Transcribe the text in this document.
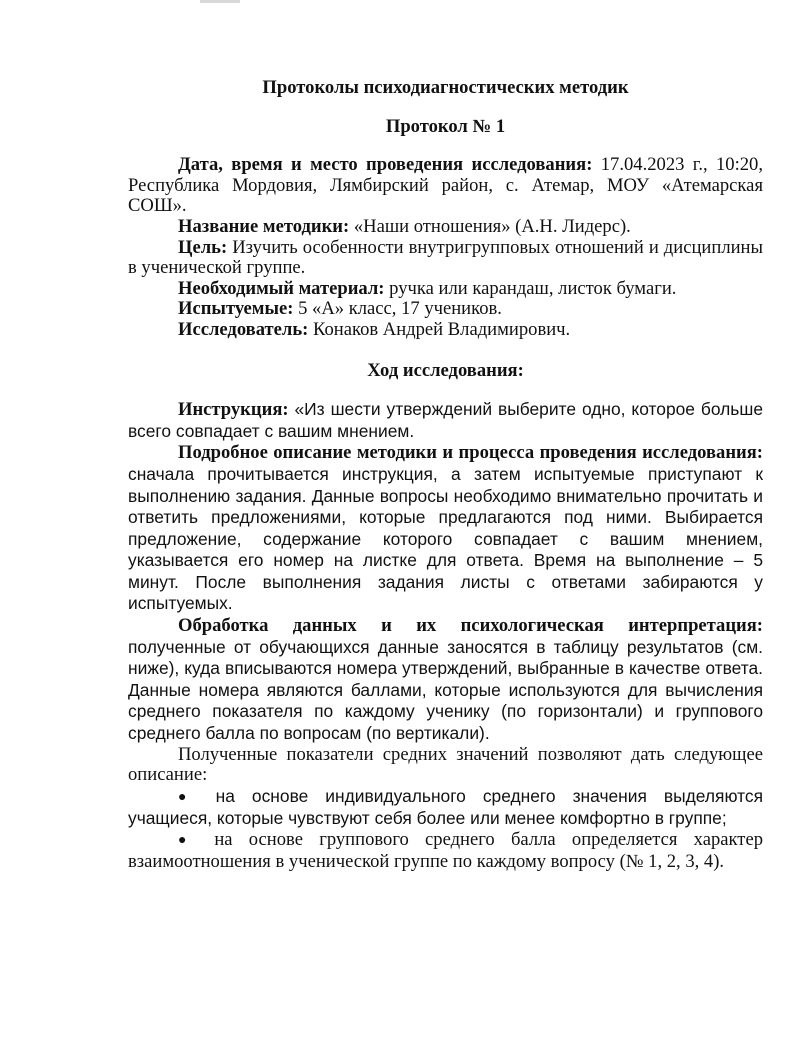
Протоколы психодиагностических методик

Протокол № 1

Дата, время и место проведения исследования: 17.04.2023 г., 10:20, Республика Мордовия, Лямбирский район, с. Атемар, МОУ «Атемарская СОШ».

Название методики: «Наши отношения» (А.Н. Лидерс).

Цель: Изучить особенности внутригрупповых отношений и дисциплины в ученической группе.

Необходимый материал: ручка или карандаш, листок бумаги.

Испытуемые: 5 «А» класс, 17 учеников.

Исследователь: Конаков Андрей Владимирович.

Ход исследования:

Инструкция: «Из шести утверждений выберите одно, которое больше всего совпадает с вашим мнением.

Подробное описание методики и процесса проведения исследования: сначала прочитывается инструкция, а затем испытуемые приступают к выполнению задания. Данные вопросы необходимо внимательно прочитать и ответить предложениями, которые предлагаются под ними. Выбирается предложение, содержание которого совпадает с вашим мнением, указывается его номер на листке для ответа. Время на выполнение – 5 минут. После выполнения задания листы с ответами забираются у испытуемых.

Обработка данных и их психологическая интерпретация: полученные от обучающихся данные заносятся в таблицу результатов (см. ниже), куда вписываются номера утверждений, выбранные в качестве ответа. Данные номера являются баллами, которые используются для вычисления среднего показателя по каждому ученику (по горизонтали) и группового среднего балла по вопросам (по вертикали).

Полученные показатели средних значений позволяют дать следующее описание:

● на основе индивидуального среднего значения выделяются учащиеся, которые чувствуют себя более или менее комфортно в группе;

● на основе группового среднего балла определяется характер взаимоотношения в ученической группе по каждому вопросу (№ 1, 2, 3, 4).
